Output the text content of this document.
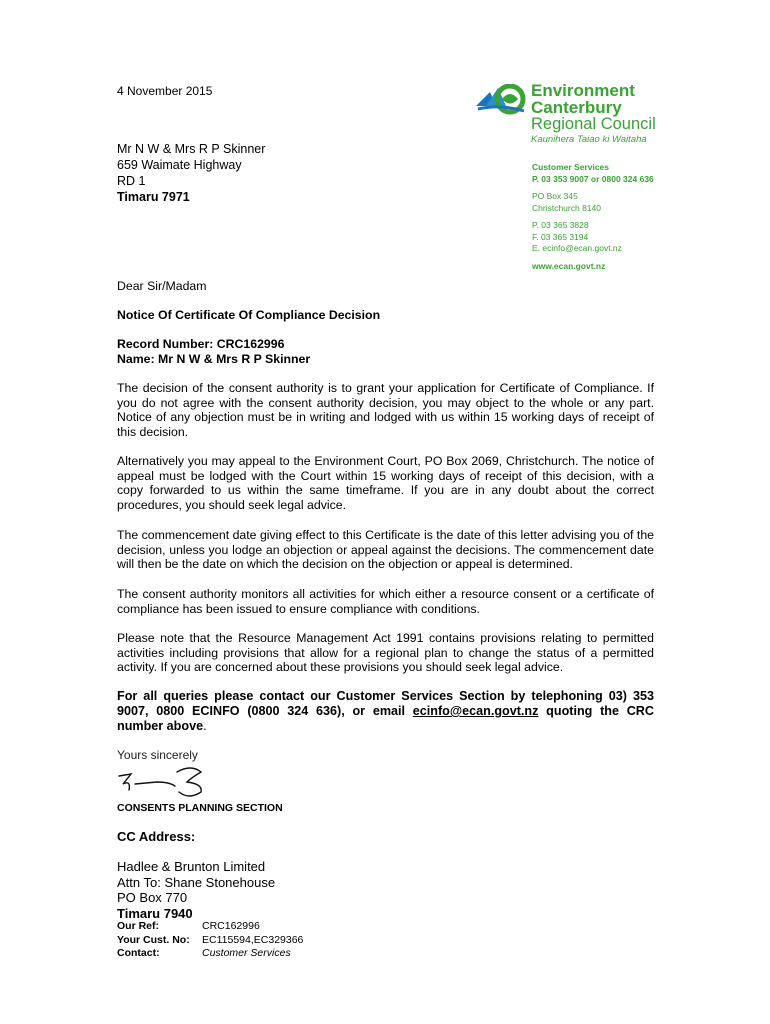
4 November 2015
Mr N W & Mrs R P Skinner
659 Waimate Highway
RD 1
Timaru 7971
Environment
Canterbury
Regional Council
Kaunihera Taiao ki Waitaha
Customer Services
P. 03 353 9007 or 0800 324 636
PO Box 345
Christchurch 8140
P. 03 365 3828
F. 03 365 3194
E. ecinfo@ecan.govt.nz
www.ecan.govt.nz
Dear Sir/Madam
Notice Of Certificate Of Compliance Decision
Record Number: CRC162996
Name: Mr N W & Mrs R P Skinner
The decision of the consent authority is to grant your application for Certificate of Compliance. If you do not agree with the consent authority decision, you may object to the whole or any part. Notice of any objection must be in writing and lodged with us within 15 working days of receipt of this decision.
Alternatively you may appeal to the Environment Court, PO Box 2069, Christchurch. The notice of appeal must be lodged with the Court within 15 working days of receipt of this decision, with a copy forwarded to us within the same timeframe. If you are in any doubt about the correct procedures, you should seek legal advice.
The commencement date giving effect to this Certificate is the date of this letter advising you of the decision, unless you lodge an objection or appeal against the decisions. The commencement date will then be the date on which the decision on the objection or appeal is determined.
The consent authority monitors all activities for which either a resource consent or a certificate of compliance has been issued to ensure compliance with conditions.
Please note that the Resource Management Act 1991 contains provisions relating to permitted activities including provisions that allow for a regional plan to change the status of a permitted activity. If you are concerned about these provisions you should seek legal advice.
For all queries please contact our Customer Services Section by telephoning 03) 353 9007, 0800 ECINFO (0800 324 636), or email ecinfo@ecan.govt.nz quoting the CRC number above.
Yours sincerely
CONSENTS PLANNING SECTION
CC Address:
Hadlee & Brunton Limited
Attn To: Shane Stonehouse
PO Box 770
Timaru 7940
Our Ref:	CRC162996
Your Cust. No:	EC115594,EC329366
Contact:	Customer Services
